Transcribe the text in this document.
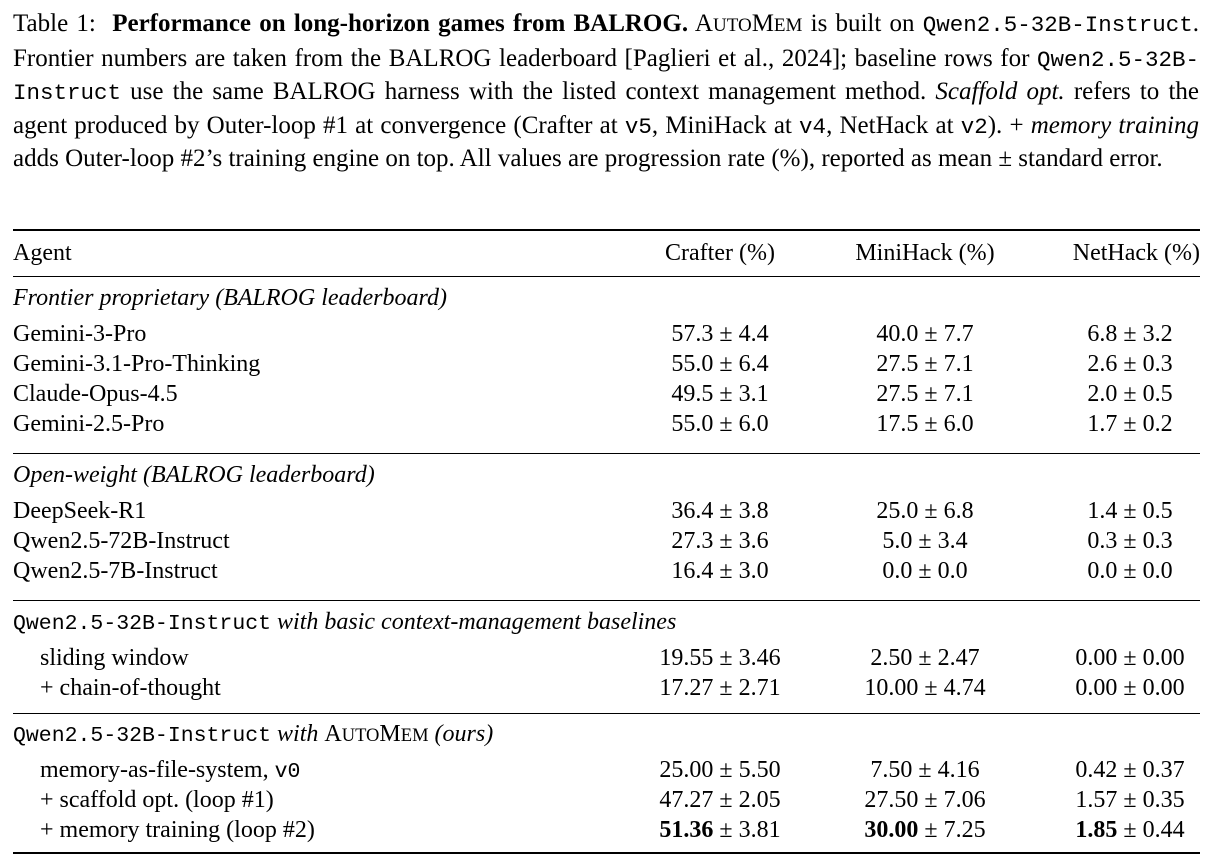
Table 1: Performance on long-horizon games from BALROG. AUTOMEM is built on Qwen2.5-32B-Instruct. Frontier numbers are taken from the BALROG leaderboard [Paglieri et al., 2024]; baseline rows for Qwen2.5-32B-Instruct use the same BALROG harness with the listed context management method. Scaffold opt. refers to the agent produced by Outer-loop #1 at convergence (Crafter at v5, MiniHack at v4, NetHack at v2). + memory training adds Outer-loop #2’s training engine on top. All values are progression rate (%), reported as mean ± standard error.
Agent	Crafter (%)	MiniHack (%)	NetHack (%)
Frontier proprietary (BALROG leaderboard)
Gemini-3-Pro	57.3 ± 4.4	40.0 ± 7.7	6.8 ± 3.2
Gemini-3.1-Pro-Thinking	55.0 ± 6.4	27.5 ± 7.1	2.6 ± 0.3
Claude-Opus-4.5	49.5 ± 3.1	27.5 ± 7.1	2.0 ± 0.5
Gemini-2.5-Pro	55.0 ± 6.0	17.5 ± 6.0	1.7 ± 0.2
Open-weight (BALROG leaderboard)
DeepSeek-R1	36.4 ± 3.8	25.0 ± 6.8	1.4 ± 0.5
Qwen2.5-72B-Instruct	27.3 ± 3.6	5.0 ± 3.4	0.3 ± 0.3
Qwen2.5-7B-Instruct	16.4 ± 3.0	0.0 ± 0.0	0.0 ± 0.0
Qwen2.5-32B-Instruct with basic context-management baselines
sliding window	19.55 ± 3.46	2.50 ± 2.47	0.00 ± 0.00
+ chain-of-thought	17.27 ± 2.71	10.00 ± 4.74	0.00 ± 0.00
Qwen2.5-32B-Instruct with AUTOMEM (ours)
memory-as-file-system, v0	25.00 ± 5.50	7.50 ± 4.16	0.42 ± 0.37
+ scaffold opt. (loop #1)	47.27 ± 2.05	27.50 ± 7.06	1.57 ± 0.35
+ memory training (loop #2)	51.36 ± 3.81	30.00 ± 7.25	1.85 ± 0.44
